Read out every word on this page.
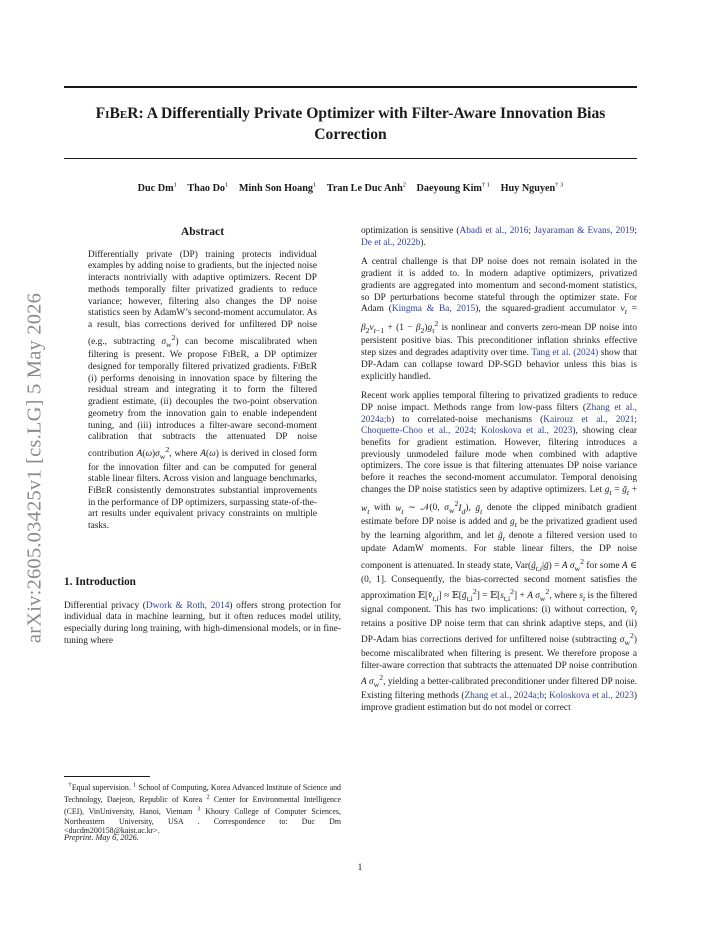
FiBeR: A Differentially Private Optimizer with Filter-Aware Innovation Bias Correction
Duc Dm$^1$ Thao Do$^1$ Minh Son Hoang$^1$ Tran Le Duc Anh$^2$ Daeyoung Kim$^{\dagger 1}$ Huy Nguyen$^{\dagger 3}$
arXiv:2605.03425v1 [cs.LG] 5 May 2026
Abstract

Differentially private (DP) training protects individual examples by adding noise to gradients, but the injected noise interacts nontrivially with adaptive optimizers. Recent DP methods temporally filter privatized gradients to reduce variance; however, filtering also changes the DP noise statistics seen by AdamW’s second-moment accumulator. As a result, bias corrections derived for unfiltered DP noise (e.g., subtracting $\sigma_w^2$) can become miscalibrated when filtering is present. We propose FiBeR, a DP optimizer designed for temporally filtered privatized gradients. FiBeR (i) performs denoising in innovation space by filtering the residual stream and integrating it to form the filtered gradient estimate, (ii) decouples the two-point observation geometry from the innovation gain to enable independent tuning, and (iii) introduces a filter-aware second-moment calibration that subtracts the attenuated DP noise contribution $A(\omega)\sigma_w^2$, where A(ω) is derived in closed form for the innovation filter and can be computed for general stable linear filters. Across vision and language benchmarks, FiBeR consistently demonstrates substantial improvements in the performance of DP optimizers, surpassing state-of-the-art results under equivalent privacy constraints on multiple tasks.

1. Introduction

Differential privacy (Dwork & Roth, 2014) offers strong protection for individual data in machine learning, but it often reduces model utility, especially during long training, with high-dimensional models, or in fine-tuning where

†Equal supervision. $^1$ School of Computing, Korea Advanced Institute of Science and Technology, Daejeon, Republic of Korea $^2$ Center for Environmental Intelligence (CEI), VinUniversity, Hanoi, Vietnam $^3$ Khoury College of Computer Sciences, Northeastern University, USA . Correspondence to: Duc Dm <ducdm200158@kaist.ac.kr>.
Preprint. May 6, 2026.

optimization is sensitive (Abadi et al., 2016; Jayaraman & Evans, 2019; De et al., 2022b).

A central challenge is that DP noise does not remain isolated in the gradient it is added to. In modern adaptive optimizers, privatized gradients are aggregated into momentum and second-moment statistics, so DP perturbations become stateful through the optimizer state. For Adam (Kingma & Ba, 2015), the squared-gradient accumulator $v_t = \beta_2v_{t-1} + (1 - \beta_2)g_t^2$ is nonlinear and converts zero-mean DP noise into persistent positive bias. This preconditioner inflation shrinks effective step sizes and degrades adaptivity over time. Tang et al. (2024) show that DP-Adam can collapse toward DP-SGD behavior unless this bias is explicitly handled.

Recent work applies temporal filtering to privatized gradients to reduce DP noise impact. Methods range from low-pass filters (Zhang et al., 2024a;b) to correlated-noise mechanisms (Kairouz et al., 2021; Choquette-Choo et al., 2024; Koloskova et al., 2023), showing clear benefits for gradient estimation. However, filtering introduces a previously unmodeled failure mode when combined with adaptive optimizers. The core issue is that filtering attenuates DP noise variance before it reaches the second-moment accumulator. Temporal denoising changes the DP noise statistics seen by adaptive optimizers. Let $g_t$ = ḡ$_t$ + $w_t$ with $w_t$ ∼ 𝒩(0, $\sigma_w^2I_d$), ḡ$_t$ denote the clipped minibatch gradient estimate before DP noise is added and $g_t$ be the privatized gradient used by the learning algorithm, and let $g̃_t$ denote a filtered version used to update AdamW moments. For stable linear filters, the DP noise component is attenuated. In steady state, $Var(g̃_{t,i}|ḡ) = A$ $\sigma_w^2$ for some A ∈ (0, 1]. Consequently, the bias-corrected second moment satisfies the approximation $𝔼[v̂_{t,i}]$ ≈ $𝔼[g̃_{t,i}^2]$ = $𝔼[s_{t,i}^2] + A$ $\sigma_w^2$, where $s_t$ is the filtered signal component. This has two implications: (i) without correction, $v̂_t$ retains a positive DP noise term that can shrink adaptive steps, and (ii) DP-Adam bias corrections derived for unfiltered noise (subtracting $\sigma_w^2$) become miscalibrated when filtering is present. We therefore propose a filter-aware correction that subtracts the attenuated DP noise contribution A $\sigma_w^2$, yielding a better-calibrated preconditioner under filtered DP noise. Existing filtering methods (Zhang et al., 2024a;b; Koloskova et al., 2023) improve gradient estimation but do not model or correct

1
